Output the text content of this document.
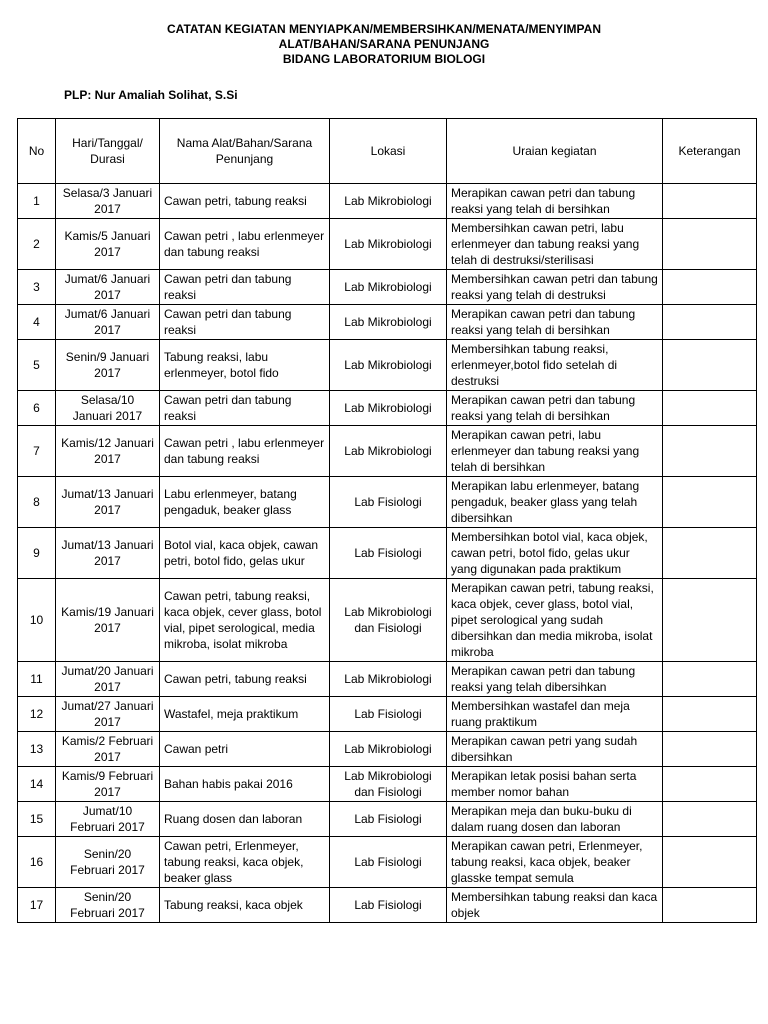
CATATAN KEGIATAN MENYIAPKAN/MEMBERSIHKAN/MENATA/MENYIMPAN
ALAT/BAHAN/SARANA PENUNJANG
BIDANG LABORATORIUM BIOLOGI
PLP: Nur Amaliah Solihat, S.Si
No	Hari/Tanggal/ Durasi	Nama Alat/Bahan/Sarana Penunjang	Lokasi	Uraian kegiatan	Keterangan
1	Selasa/3 Januari 2017	Cawan petri, tabung reaksi	Lab Mikrobiologi	Merapikan cawan petri dan tabung reaksi yang telah di bersihkan	
2	Kamis/5 Januari 2017	Cawan petri , labu erlenmeyer dan tabung reaksi	Lab Mikrobiologi	Membersihkan cawan petri, labu erlenmeyer dan tabung reaksi yang telah di destruksi/sterilisasi	
3	Jumat/6 Januari 2017	Cawan petri dan tabung reaksi	Lab Mikrobiologi	Membersihkan cawan petri dan tabung reaksi yang telah di destruksi	
4	Jumat/6 Januari 2017	Cawan petri dan tabung reaksi	Lab Mikrobiologi	Merapikan cawan petri dan tabung reaksi yang telah di bersihkan	
5	Senin/9 Januari 2017	Tabung reaksi, labu erlenmeyer, botol fido	Lab Mikrobiologi	Membersihkan tabung reaksi, erlenmeyer,botol fido setelah di destruksi	
6	Selasa/10 Januari 2017	Cawan petri dan tabung reaksi	Lab Mikrobiologi	Merapikan cawan petri dan tabung reaksi yang telah di bersihkan	
7	Kamis/12 Januari 2017	Cawan petri , labu erlenmeyer dan tabung reaksi	Lab Mikrobiologi	Merapikan cawan petri, labu erlenmeyer dan tabung reaksi yang telah di bersihkan	
8	Jumat/13 Januari 2017	Labu erlenmeyer, batang pengaduk, beaker glass	Lab Fisiologi	Merapikan labu erlenmeyer, batang pengaduk, beaker glass yang telah dibersihkan	
9	Jumat/13 Januari 2017	Botol vial, kaca objek, cawan petri, botol fido, gelas ukur	Lab Fisiologi	Membersihkan botol vial, kaca objek, cawan petri, botol fido, gelas ukur yang digunakan pada praktikum	
10	Kamis/19 Januari 2017	Cawan petri, tabung reaksi, kaca objek, cever glass, botol vial, pipet serological, media mikroba, isolat mikroba	Lab Mikrobiologi dan Fisiologi	Merapikan cawan petri, tabung reaksi, kaca objek, cever glass, botol vial, pipet serological yang sudah dibersihkan dan media mikroba, isolat mikroba	
11	Jumat/20 Januari 2017	Cawan petri, tabung reaksi	Lab Mikrobiologi	Merapikan cawan petri dan tabung reaksi yang telah dibersihkan	
12	Jumat/27 Januari 2017	Wastafel, meja praktikum	Lab Fisiologi	Membersihkan wastafel dan meja ruang praktikum	
13	Kamis/2 Februari 2017	Cawan petri	Lab Mikrobiologi	Merapikan cawan petri yang sudah dibersihkan	
14	Kamis/9 Februari 2017	Bahan habis pakai 2016	Lab Mikrobiologi dan Fisiologi	Merapikan letak posisi bahan serta member nomor bahan	
15	Jumat/10 Februari 2017	Ruang dosen dan laboran	Lab Fisiologi	Merapikan meja dan buku-buku di dalam ruang dosen dan laboran	
16	Senin/20 Februari 2017	Cawan petri, Erlenmeyer, tabung reaksi, kaca objek, beaker glass	Lab Fisiologi	Merapikan cawan petri, Erlenmeyer, tabung reaksi, kaca objek, beaker glasske tempat semula	
17	Senin/20 Februari 2017	Tabung reaksi, kaca objek	Lab Fisiologi	Membersihkan tabung reaksi dan kaca objek	
